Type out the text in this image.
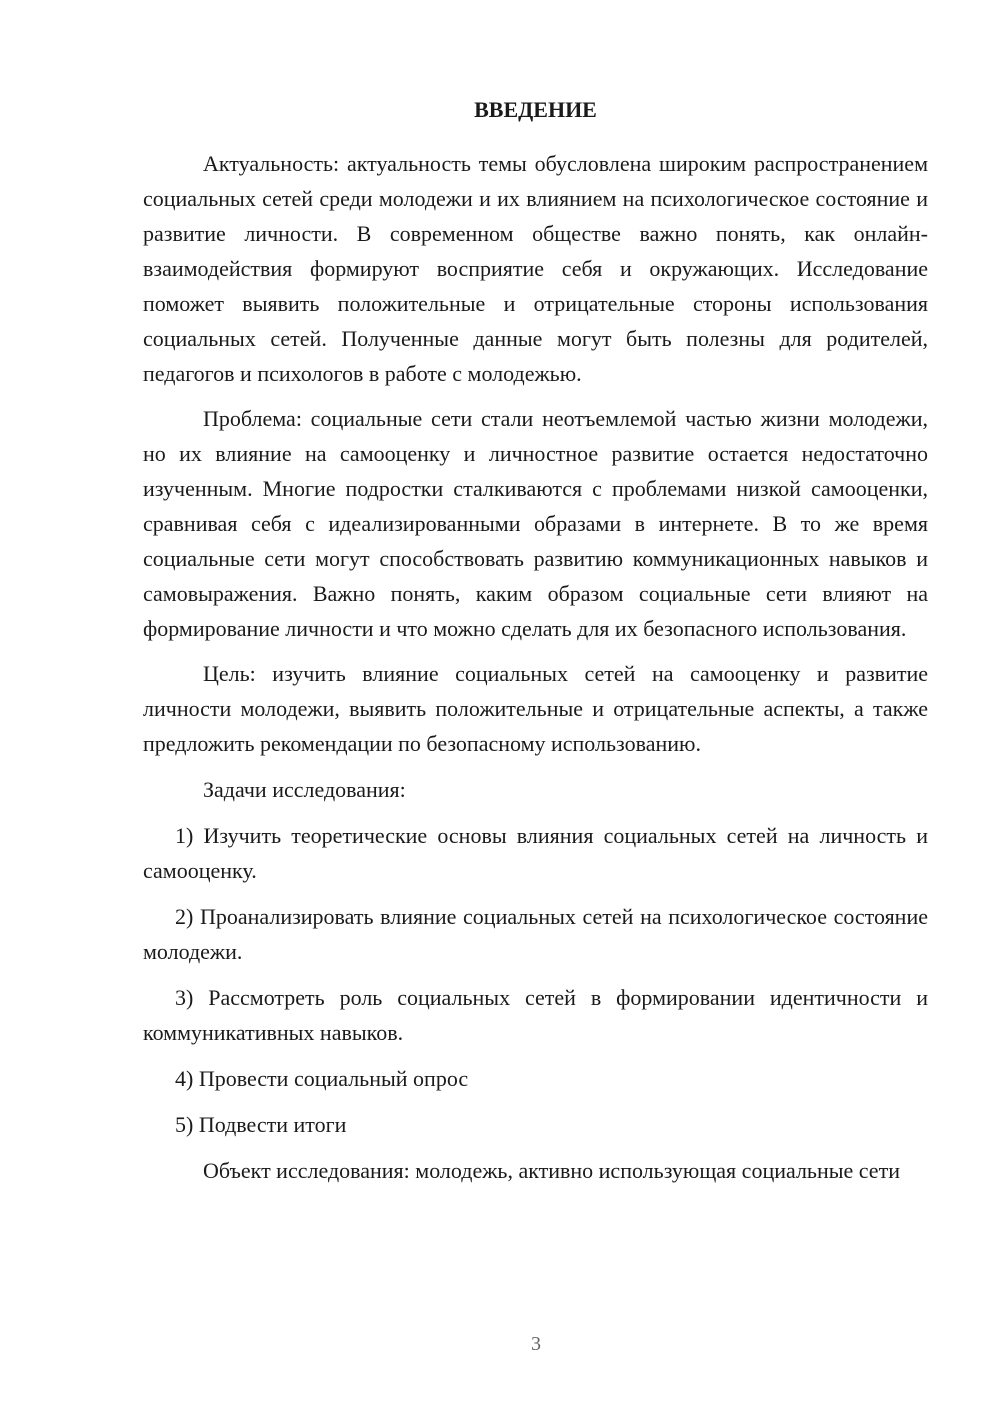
ВВЕДЕНИЕ

Актуальность: актуальность темы обусловлена широким распространением социальных сетей среди молодежи и их влиянием на психологическое состояние и развитие личности. В современном обществе важно понять, как онлайн-взаимодействия формируют восприятие себя и окружающих. Исследование поможет выявить положительные и отрицательные стороны использования социальных сетей. Полученные данные могут быть полезны для родителей, педагогов и психологов в работе с молодежью.

Проблема: социальные сети стали неотъемлемой частью жизни молодежи, но их влияние на самооценку и личностное развитие остается недостаточно изученным. Многие подростки сталкиваются с проблемами низкой самооценки, сравнивая себя с идеализированными образами в интернете. В то же время социальные сети могут способствовать развитию коммуникационных навыков и самовыражения. Важно понять, каким образом социальные сети влияют на формирование личности и что можно сделать для их безопасного использования.

Цель: изучить влияние социальных сетей на самооценку и развитие личности молодежи, выявить положительные и отрицательные аспекты, а также предложить рекомендации по безопасному использованию.

Задачи исследования:

1) Изучить теоретические основы влияния социальных сетей на личность и самооценку.

2) Проанализировать влияние социальных сетей на психологическое состояние молодежи.

3) Рассмотреть роль социальных сетей в формировании идентичности и коммуникативных навыков.

4) Провести социальный опрос

5) Подвести итоги

Объект исследования: молодежь, активно использующая социальные сети

3
